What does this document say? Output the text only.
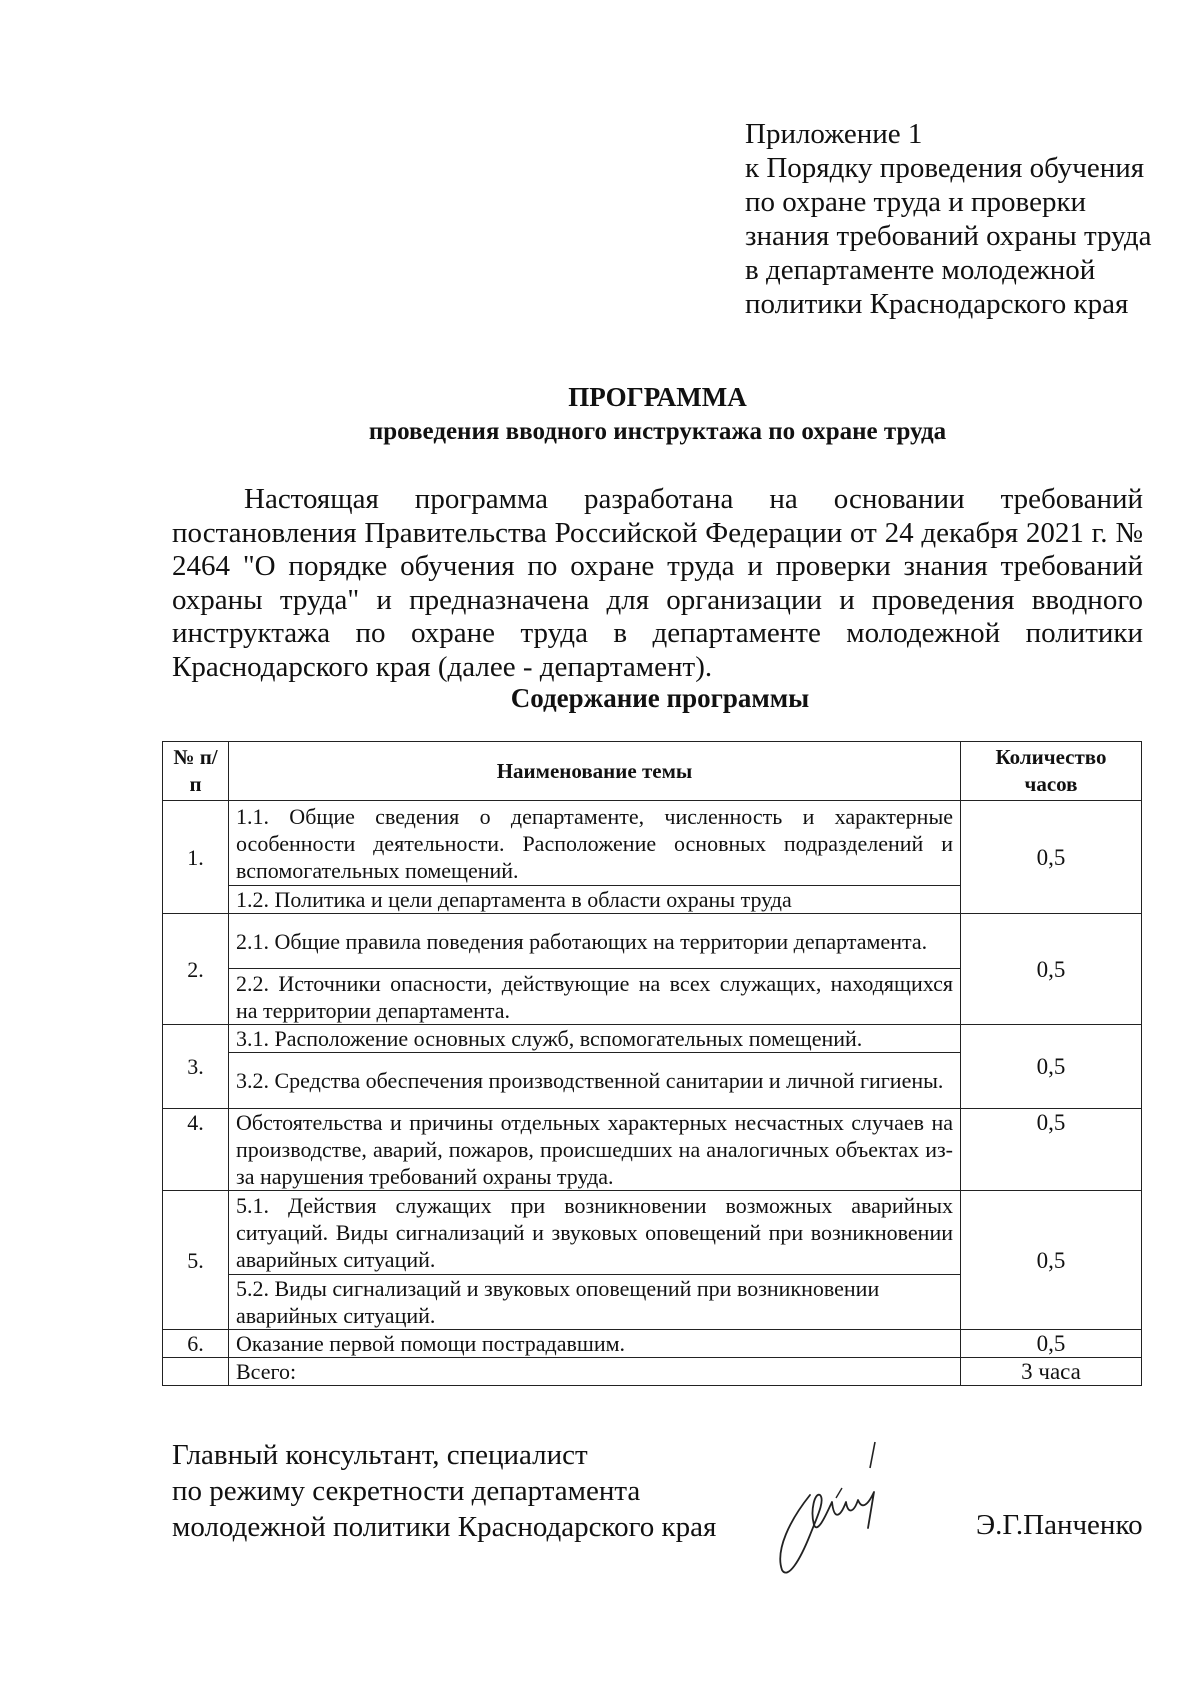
Приложение 1
к Порядку проведения обучения
по охране труда и проверки
знания требований охраны труда
в департаменте молодежной
политики Краснодарского края
ПРОГРАММА
проведения вводного инструктажа по охране труда

Настоящая программа разработана на основании требований постановления Правительства Российской Федерации от 24 декабря 2021 г. № 2464 "О порядке обучения по охране труда и проверки знания требований охраны труда" и предназначена для организации и проведения вводного инструктажа по охране труда в департаменте молодежной политики Краснодарского края (далее - департамент).

Содержание программы
№ п/п	Наименование темы	Количество часов
1.	1.1. Общие сведения о департаменте, численность и характерные особенности деятельности. Расположение основных подразделений и вспомогательных помещений.	0,5
	1.2. Политика и цели департамента в области охраны труда	
2.	2.1. Общие правила поведения работающих на территории департамента.	0,5
	2.2. Источники опасности, действующие на всех служащих, находящихся на территории департамента.	
3.	3.1. Расположение основных служб, вспомогательных помещений.	0,5
	3.2. Средства обеспечения производственной санитарии и личной гигиены.	
4.	Обстоятельства и причины отдельных характерных несчастных случаев на производстве, аварий, пожаров, происшедших на аналогичных объектах из-за нарушения требований охраны труда.	0,5
5.	5.1. Действия служащих при возникновении возможных аварийных ситуаций. Виды сигнализаций и звуковых оповещений при возникновении аварийных ситуаций.	0,5
	5.2. Виды сигнализаций и звуковых оповещений при возникновении аварийных ситуаций.	
6.	Оказание первой помощи пострадавшим.	0,5
	Всего:	3 часа
Главный консультант, специалист
по режиму секретности департамента
молодежной политики Краснодарского края	Э.Г.Панченко
